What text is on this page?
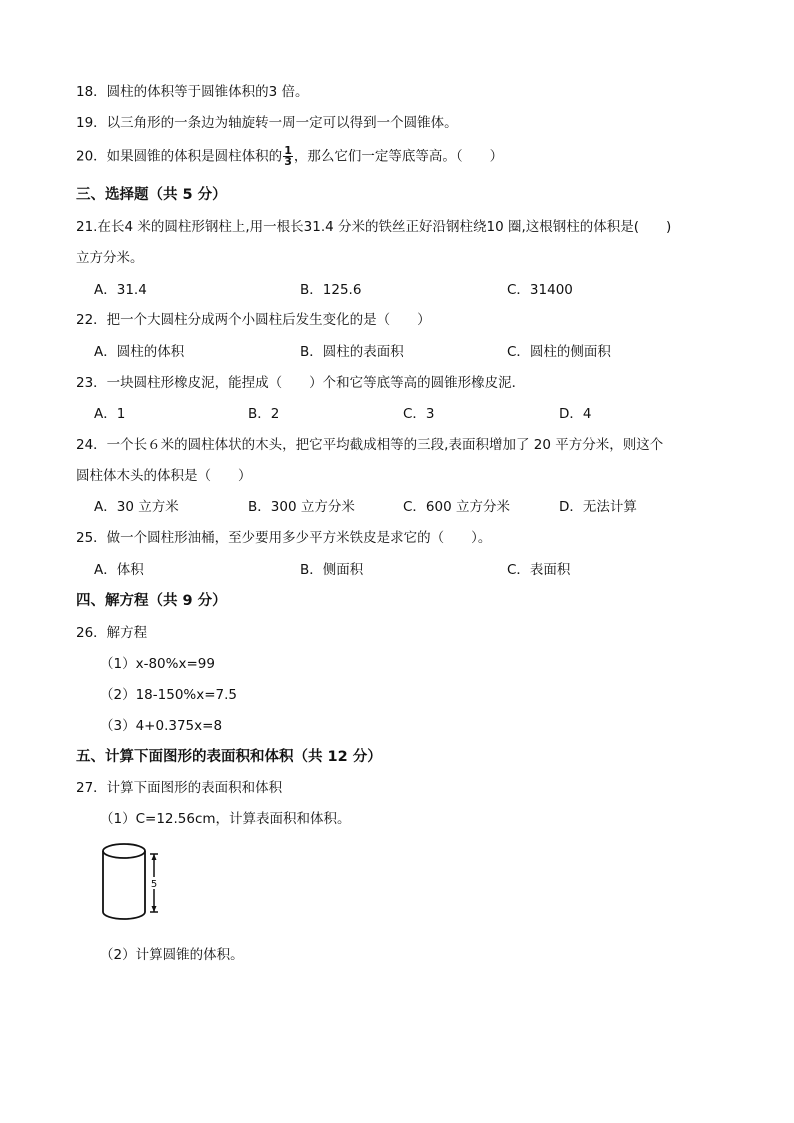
18．圆柱的体积等于圆锥体积的3 倍。
19．以三角形的一条边为轴旋转一周一定可以得到一个圆锥体。
20．如果圆锥的体积是圆柱体积的 $\frac{1}{3}$ ，那么它们一定等底等高。（　　）
三、选择题（共 5 分）
21.在长4 米的圆柱形钢柱上,用一根长31.4 分米的铁丝正好沿钢柱绕10 圈,这根钢柱的体积是(　　)
立方分米。
A．31.4	B．125.6	C．31400
22．把一个大圆柱分成两个小圆柱后发生变化的是（　　）
A．圆柱的体积	B．圆柱的表面积	C．圆柱的侧面积
23．一块圆柱形橡皮泥，能捏成（　　）个和它等底等高的圆锥形橡皮泥．
A．1	B．2	C．3	D．4
24．一个长６米的圆柱体状的木头，把它平均截成相等的三段,表面积增加了 20 平方分米，则这个
圆柱体木头的体积是（　　）
A．30 立方米	B．300 立方分米	C．600 立方分米	D．无法计算
25．做一个圆柱形油桶，至少要用多少平方米铁皮是求它的（　　）。
A．体积	B．侧面积	C．表面积
四、解方程（共 9 分）
26．解方程
（1）x-80%x=99
（2）18-150%x=7.5
（3）4+0.375x=8
五、计算下面图形的表面积和体积（共 12 分）
27．计算下面图形的表面积和体积
（1）C=12.56cm，计算表面积和体积。
5
（2）计算圆锥的体积。
